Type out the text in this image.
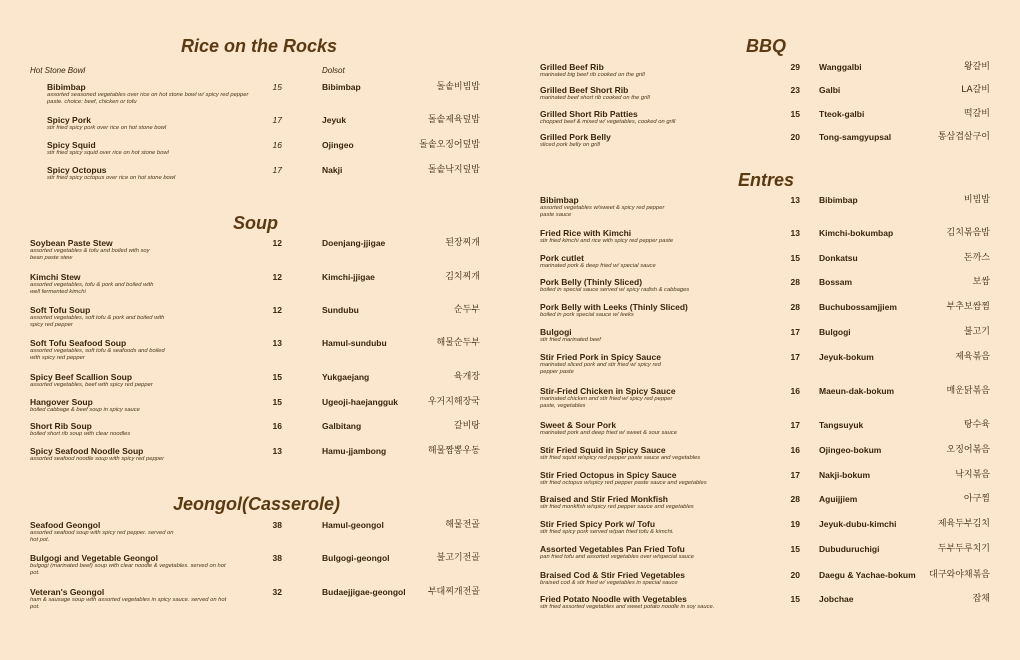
Rice on the Rocks
Hot Stone Bowl	Dolsot
Bibimbap
assorted seasoned vegetables over rice on hot stone bowl w/ spicy red pepper paste. choice: beef, chicken or tofu
15	Bibimbap	돌솥비빔밥
Spicy Pork
stir fried spicy pork over rice on hot stone bowl
17	Jeyuk	돌솥제육덮밥
Spicy Squid
stir fried spicy squid over rice on hot stone bowl
16	Ojingeo	돌솥오징어덮밥
Spicy Octopus
stir fried spicy octopus over rice on hot stone bowl
17	Nakji	돌솥낙지덮밥
Soup
Soybean Paste Stew
assorted vegetables & tofu and boiled with soy bean paste stew
12	Doenjang-jjigae	된장찌개
Kimchi Stew
assorted vegetables, tofu & pork and boiled with well fermented kimchi
12	Kimchi-jjigae	김치찌개
Soft Tofu Soup
assorted vegetables, soft tofu & pork and boiled with spicy red pepper
12	Sundubu	순두부
Soft Tofu Seafood Soup
assorted vegetables, soft tofu & seafoods and boiled with spicy red pepper
13	Hamul-sundubu	해물순두부
Spicy Beef Scallion Soup
assorted vegetables, beef with spicy red pepper
15	Yukgaejang	육개장
Hangover Soup
boiled cabbage & beef soup in spicy sauce
15	Ugeoji-haejangguk	우거지해장국
Short Rib Soup
boiled short rib soup with clear noodles
16	Galbitang	갈비탕
Spicy Seafood Noodle Soup
assorted seafood noodle soup with spicy red pepper
13	Hamu-jjambong	해물짬뽕우동
Jeongol(Casserole)
Seafood Geongol
assorted seafood soup with spicy red pepper. served on hot pot.
38	Hamul-geongol	해물전골
Bulgogi and Vegetable Geongol
bulgogi (marinated beef) soup with clear noodle & vegetables. served on hot pot.
38	Bulgogi-geongol	불고기전골
Veteran's Geongol
ham & sausage soup with assorted vegetables in spicy sauce. served on hot pot.
32	Budaejjigae-geongol	부대찌개전골
BBQ
Grilled Beef Rib
marinated big beef rib cooked on the grill
29 Wanggalbi	왕갈비
Grilled Beef Short Rib
marinated beef short rib cooked on the grill
23 Galbi	LA갈비
Grilled Short Rib Patties
chopped beef & mixed w/ vegetables, cooked on grill
15 Tteok-galbi	떡갈비
Grilled Pork Belly
sliced pork belly on grill
20 Tong-samgyupsal	통삼겹살구이
Entres
Bibimbap
assorted vegetables w/sweet & spicy red pepper paste sauce
13 Bibimbap	비빔밥
Fried Rice with Kimchi
stir fried kimchi and rice with spicy red pepper paste
13 Kimchi-bokumbap	김치볶음밥
Pork cutlet
marinated pork & deep fried w/ special sauce
15 Donkatsu	돈까스
Pork Belly (Thinly Sliced)
boiled in special sauce served w/ spicy radish & cabbages
28 Bossam	보쌈
Pork Belly with Leeks (Thinly Sliced)
boiled in pork special sauce w/ leeks
28 Buchubossamjjiem	부추보쌈찜
Bulgogi
stir fried marinated beef
17 Bulgogi	불고기
Stir Fried Pork in Spicy Sauce
marinated sliced pork and stir fried w/ spicy red pepper paste
17 Jeyuk-bokum	제육볶음
Stir-Fried Chicken in Spicy Sauce
marinated chicken and stir fried w/ spicy red pepper paste, vegetables
16 Maeun-dak-bokum	매운닭볶음
Sweet & Sour Pork
marinated pork and deep fried w/ sweet & sour sauce
17 Tangsuyuk	탕수육
Stir Fried Squid in Spicy Sauce
stir fried squid w/spicy red pepper paste sauce and vegetables
16 Ojingeo-bokum	오징어볶음
Stir Fried Octopus in Spicy Sauce
stir fried octopus w/spicy red pepper paste sauce and vegetables
17 Nakji-bokum	낙지볶음
Braised and Stir Fried Monkfish
stir fried monkfish w/spicy red pepper sauce and vegetables
28 Aguijjiem	아구찜
Stir Fried Spicy Pork w/ Tofu
stir fried spicy pork served w/pan fried tofu & kimchi.
19 Jeyuk-dubu-kimchi	제육두부김치
Assorted Vegetables Pan Fried Tofu
pan fried tofu and assorted vegetables over w/special sauce
15 Dubuduruchigi	두부두루치기
Braised Cod & Stir Fried Vegetables
braised cod & stir fried w/ vegetables in special sauce
20 Daegu & Yachae-bokum	대구와야채볶음
Fried Potato Noodle with Vegetables
stir fried assorted vegetables and sweet potato noodle in soy sauce.
15 Jobchae	잡채
